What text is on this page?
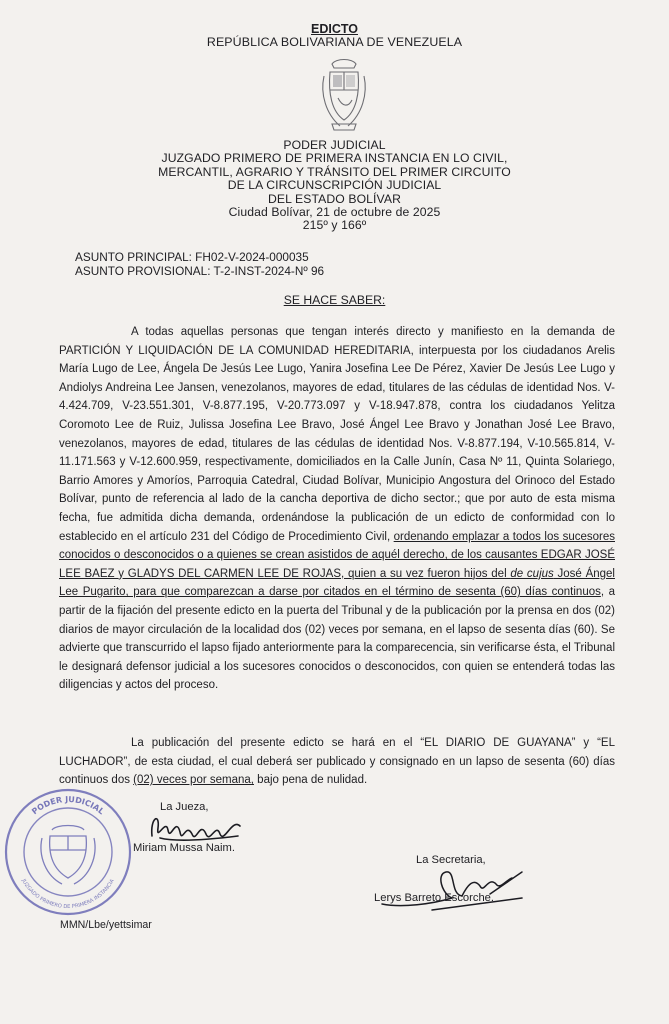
EDICTO
REPÚBLICA BOLIVARIANA DE VENEZUELA
PODER JUDICIAL
JUZGADO PRIMERO DE PRIMERA INSTANCIA EN LO CIVIL,
MERCANTIL, AGRARIO Y TRÁNSITO DEL PRIMER CIRCUITO
DE LA CIRCUNSCRIPCIÓN JUDICIAL
DEL ESTADO BOLÍVAR
Ciudad Bolívar, 21 de octubre de 2025
215º y 166º
ASUNTO PRINCIPAL: FH02-V-2024-000035
ASUNTO PROVISIONAL: T-2-INST-2024-Nº 96
SE HACE SABER:
A todas aquellas personas que tengan interés directo y manifiesto en la demanda de PARTICIÓN Y LIQUIDACIÓN DE LA COMUNIDAD HEREDITARIA, interpuesta por los ciudadanos Arelis María Lugo de Lee, Ángela De Jesús Lee Lugo, Yanira Josefina Lee De Pérez, Xavier De Jesús Lee Lugo y Andiolys Andreina Lee Jansen, venezolanos, mayores de edad, titulares de las cédulas de identidad Nos. V-4.424.709, V-23.551.301, V-8.877.195, V-20.773.097 y V-18.947.878, contra los ciudadanos Yelitza Coromoto Lee de Ruiz, Julissa Josefina Lee Bravo, José Ángel Lee Bravo y Jonathan José Lee Bravo, venezolanos, mayores de edad, titulares de las cédulas de identidad Nos. V-8.877.194, V-10.565.814, V-11.171.563 y V-12.600.959, respectivamente, domiciliados en la Calle Junín, Casa Nº 11, Quinta Solariego, Barrio Amores y Amoríos, Parroquia Catedral, Ciudad Bolívar, Municipio Angostura del Orinoco del Estado Bolívar, punto de referencia al lado de la cancha deportiva de dicho sector.; que por auto de esta misma fecha, fue admitida dicha demanda, ordenándose la publicación de un edicto de conformidad con lo establecido en el artículo 231 del Código de Procedimiento Civil, ordenando emplazar a todos los sucesores conocidos o desconocidos o a quienes se crean asistidos de aquél derecho, de los causantes EDGAR JOSÉ LEE BAEZ y GLADYS DEL CARMEN LEE DE ROJAS, quien a su vez fueron hijos del de cujus José Ángel Lee Pugarito, para que comparezcan a darse por citados en el término de sesenta (60) días continuos, a partir de la fijación del presente edicto en la puerta del Tribunal y de la publicación por la prensa en dos (02) diarios de mayor circulación de la localidad dos (02) veces por semana, en el lapso de sesenta días (60). Se advierte que transcurrido el lapso fijado anteriormente para la comparecencia, sin verificarse ésta, el Tribunal le designará defensor judicial a los sucesores conocidos o desconocidos, con quien se entenderá todas las diligencias y actos del proceso.
La publicación del presente edicto se hará en el “EL DIARIO DE GUAYANA” y “EL LUCHADOR”, de esta ciudad, el cual deberá ser publicado y consignado en un lapso de sesenta (60) días continuos dos (02) veces por semana, bajo pena de nulidad.
PODER JUDICIAL
JUZGADO PRIMERO DE PRIMERA INSTANCIA
La Jueza,
Miriam Mussa Naim.
La Secretaria,
Lerys Barreto Escorche.
MMN/Lbe/yettsimar
